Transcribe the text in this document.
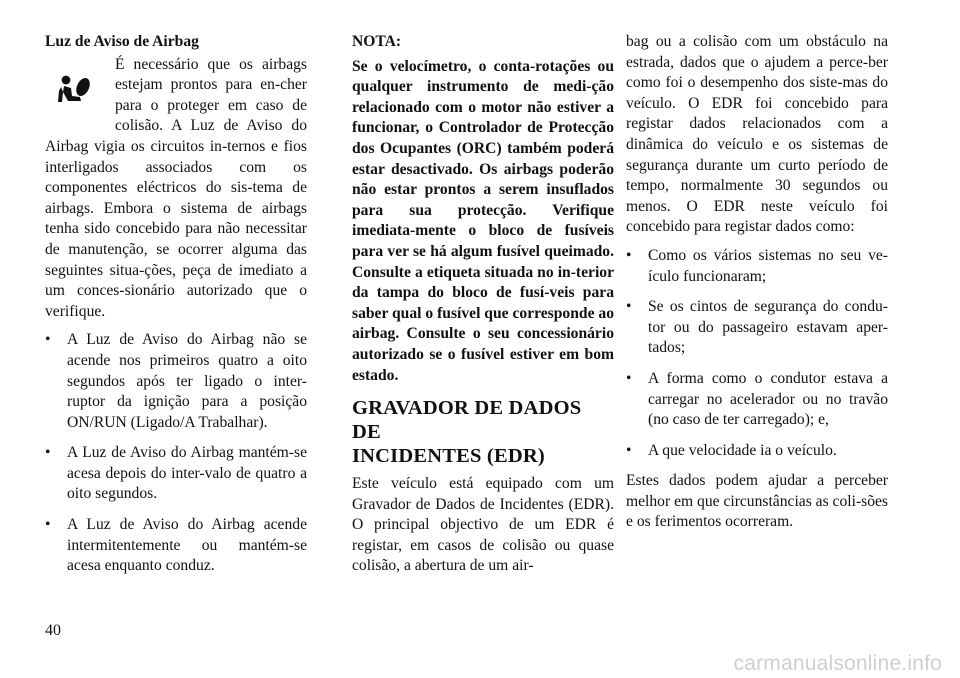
Luz de Aviso de Airbag

É necessário que os airbags estejam prontos para en-cher para o proteger em caso de colisão. A Luz de Aviso do Airbag vigia os circuitos in-ternos e fios interligados associados com os componentes eléctricos do sis-tema de airbags. Embora o sistema de airbags tenha sido concebido para não necessitar de manutenção, se ocorrer alguma das seguintes situa-ções, peça de imediato a um conces-sionário autorizado que o verifique.

• A Luz de Aviso do Airbag não se acende nos primeiros quatro a oito segundos após ter ligado o inter-ruptor da ignição para a posição ON/RUN (Ligado/A Trabalhar).
• A Luz de Aviso do Airbag mantém-se acesa depois do inter-valo de quatro a oito segundos.
• A Luz de Aviso do Airbag acende intermitentemente ou mantém-se acesa enquanto conduz.

NOTA:

Se o velocímetro, o conta-rotações ou qualquer instrumento de medi-ção relacionado com o motor não estiver a funcionar, o Controlador de Protecção dos Ocupantes (ORC) também poderá estar desactivado. Os airbags poderão não estar prontos a serem insuflados para sua protecção. Verifique imediata-mente o bloco de fusíveis para ver se há algum fusível queimado. Consulte a etiqueta situada no in-terior da tampa do bloco de fusí-veis para saber qual o fusível que corresponde ao airbag. Consulte o seu concessionário autorizado se o fusível estiver em bom estado.

GRAVADOR DE DADOS DE
INCIDENTES (EDR)

Este veículo está equipado com um Gravador de Dados de Incidentes (EDR). O principal objectivo de um EDR é registar, em casos de colisão ou quase colisão, a abertura de um air-

bag ou a colisão com um obstáculo na estrada, dados que o ajudem a perce-ber como foi o desempenho dos siste-mas do veículo. O EDR foi concebido para registar dados relacionados com a dinâmica do veículo e os sistemas de segurança durante um curto período de tempo, normalmente 30 segundos ou menos. O EDR neste veículo foi concebido para registar dados como:

• Como os vários sistemas no seu ve-ículo funcionaram;
• Se os cintos de segurança do condu-tor ou do passageiro estavam aper-tados;
• A forma como o condutor estava a carregar no acelerador ou no travão (no caso de ter carregado); e,
• A que velocidade ia o veículo.

Estes dados podem ajudar a perceber melhor em que circunstâncias as coli-sões e os ferimentos ocorreram.

40
carmanualsonline.info
